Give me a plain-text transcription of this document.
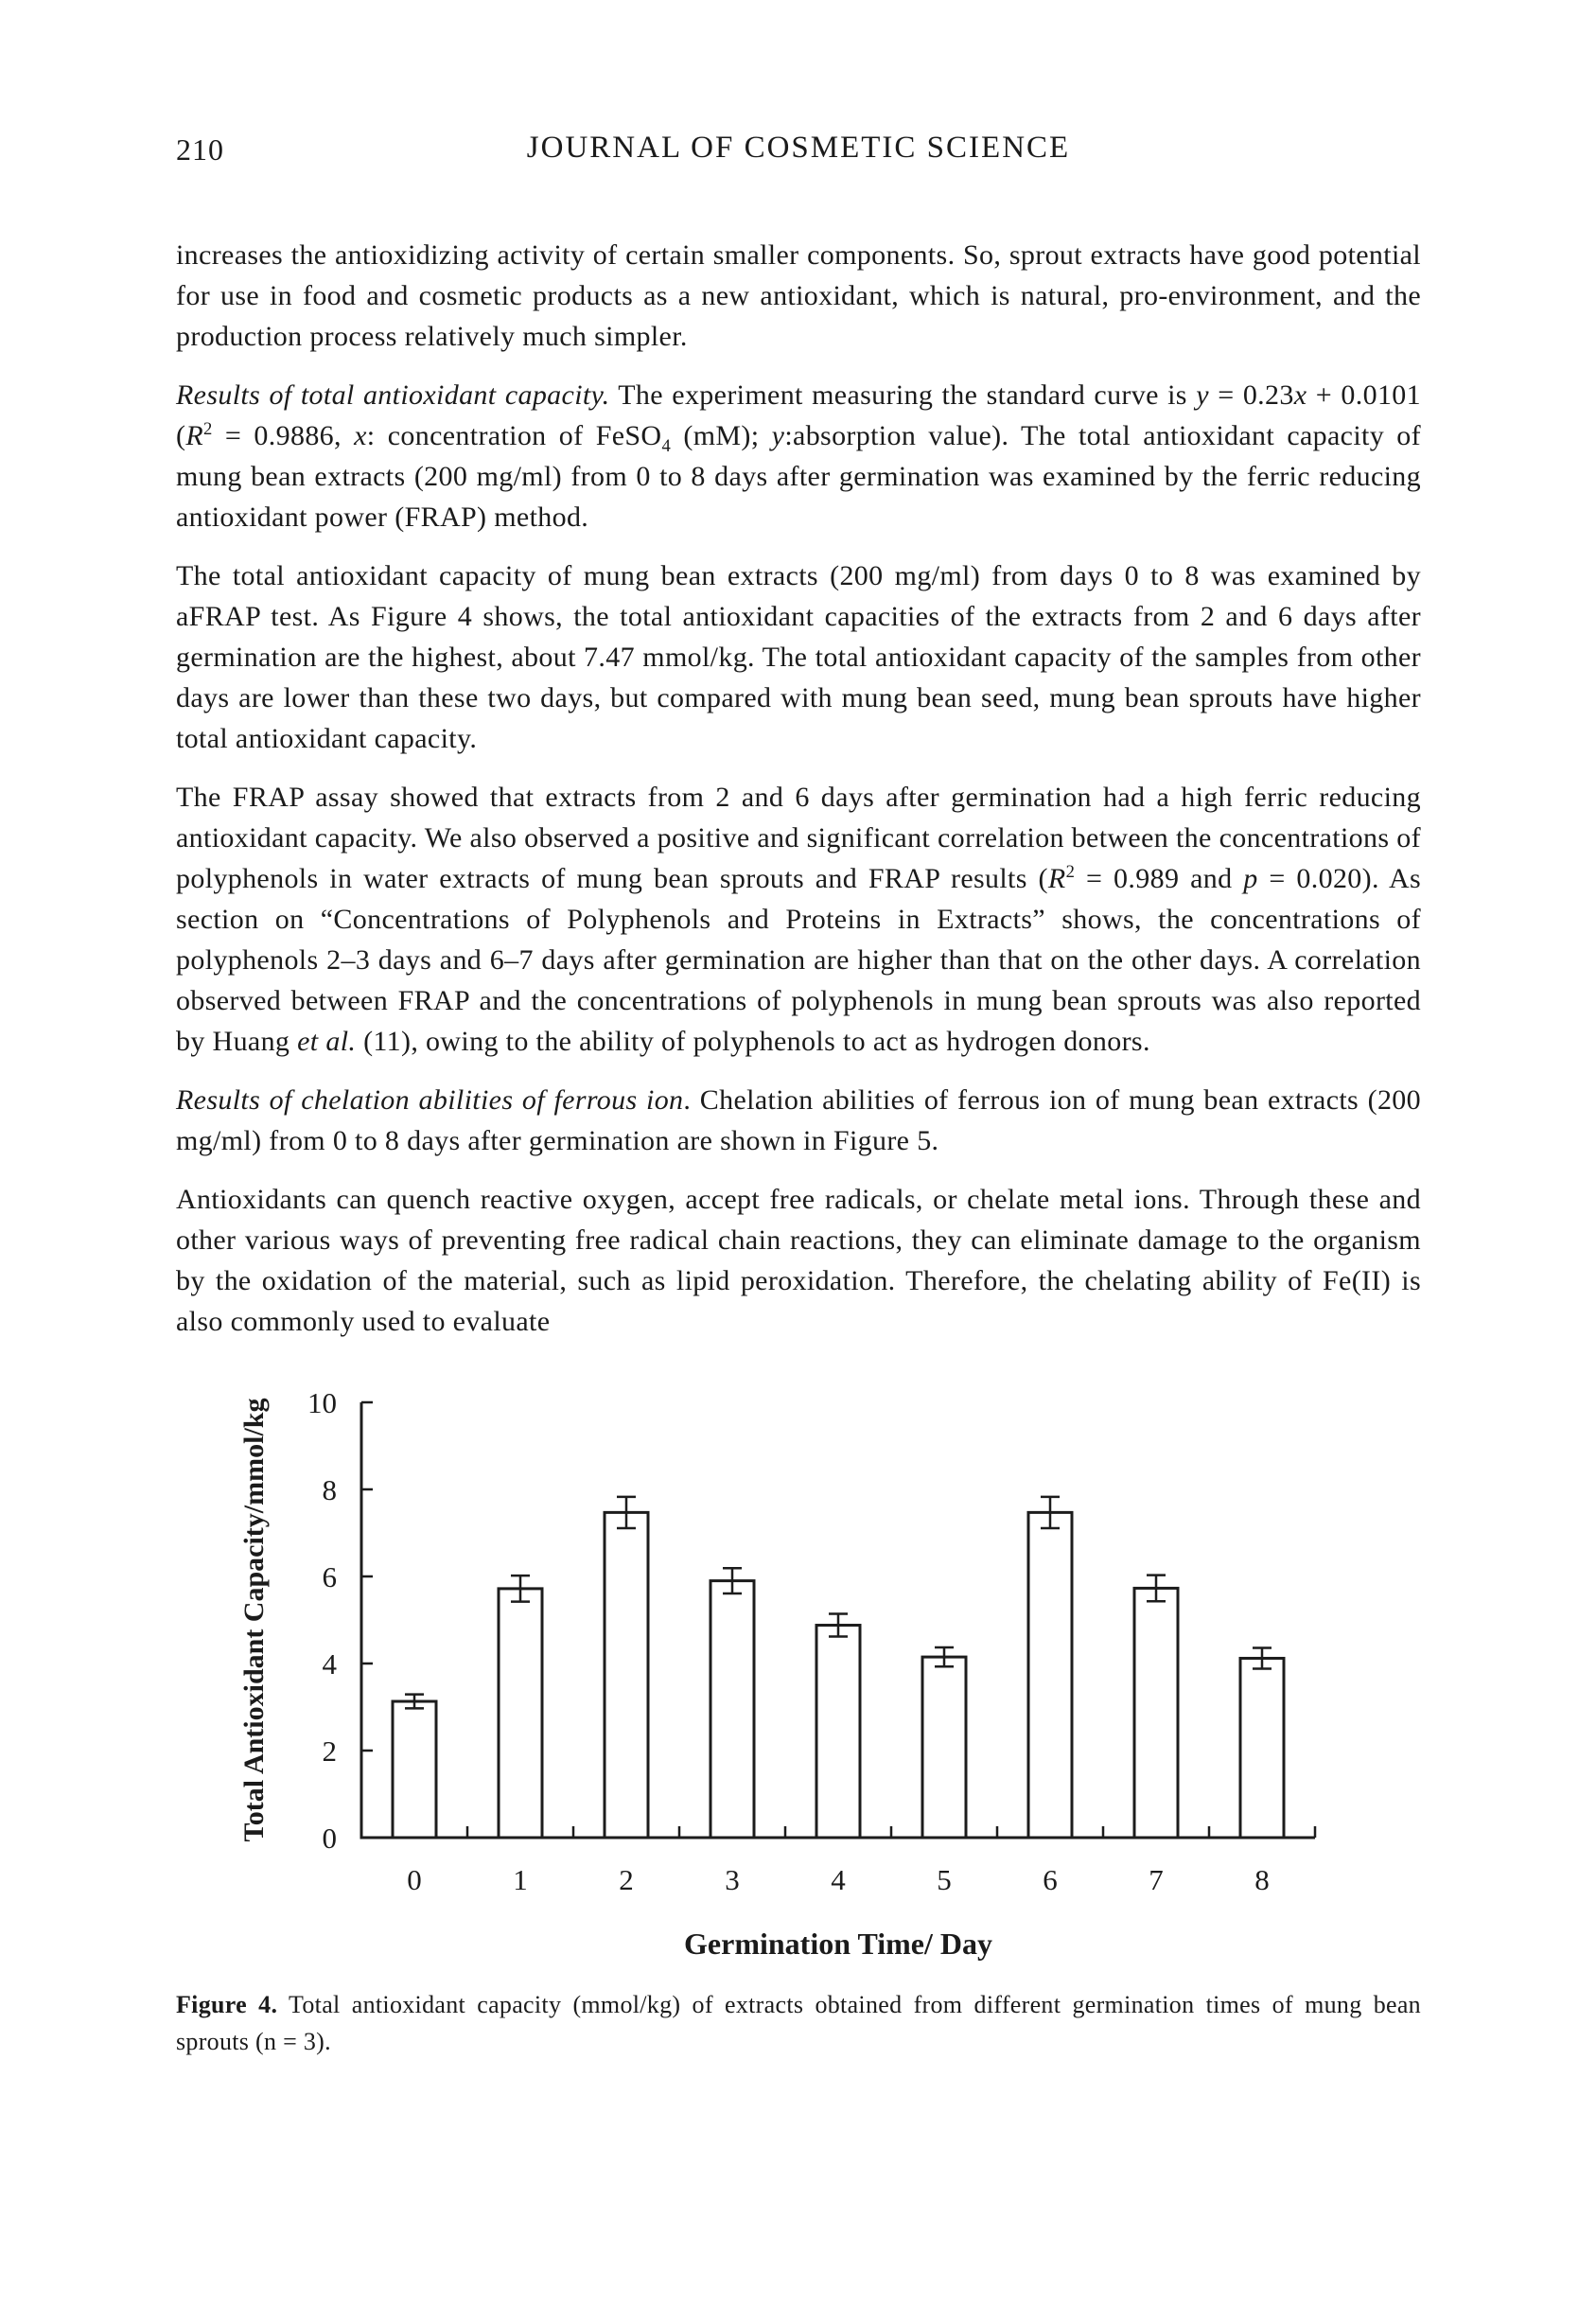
210	JOURNAL OF COSMETIC SCIENCE

increases the antioxidizing activity of certain smaller components. So, sprout extracts have good potential for use in food and cosmetic products as a new antioxidant, which is natural, pro-environment, and the production process relatively much simpler.

Results of total antioxidant capacity. The experiment measuring the standard curve is y = 0.23x + 0.0101 ($R^2 = 0.9886$, x: concentration of FeSO$_4$ (mM); y:absorption value). The total antioxidant capacity of mung bean extracts (200 mg/ml) from 0 to 8 days after germination was examined by the ferric reducing antioxidant power (FRAP) method.

The total antioxidant capacity of mung bean extracts (200 mg/ml) from days 0 to 8 was examined by aFRAP test. As Figure 4 shows, the total antioxidant capacities of the extracts from 2 and 6 days after germination are the highest, about 7.47 mmol/kg. The total antioxidant capacity of the samples from other days are lower than these two days, but compared with mung bean seed, mung bean sprouts have higher total antioxidant capacity.

The FRAP assay showed that extracts from 2 and 6 days after germination had a high ferric reducing antioxidant capacity. We also observed a positive and significant correlation between the concentrations of polyphenols in water extracts of mung bean sprouts and FRAP results ($R^2 = 0.989$ and p = 0.020). As section on “Concentrations of Polyphenols and Proteins in Extracts” shows, the concentrations of polyphenols 2–3 days and 6–7 days after germination are higher than that on the other days. A correlation observed between FRAP and the concentrations of polyphenols in mung bean sprouts was also reported by Huang et al. (11), owing to the ability of polyphenols to act as hydrogen donors.

Results of chelation abilities of ferrous ion. Chelation abilities of ferrous ion of mung bean extracts (200 mg/ml) from 0 to 8 days after germination are shown in Figure 5.

Antioxidants can quench reactive oxygen, accept free radicals, or chelate metal ions. Through these and other various ways of preventing free radical chain reactions, they can eliminate damage to the organism by the oxidation of the material, such as lipid peroxidation. Therefore, the chelating ability of Fe(II) is also commonly used to evaluate

0
2
4
6
8
10
0	1	2	3	4	5	6	7	8
Germination Time/ Day
Total Antioxidant Capacity/mmol/kg

Figure 4. Total antioxidant capacity (mmol/kg) of extracts obtained from different germination times of mung bean sprouts (n = 3).
